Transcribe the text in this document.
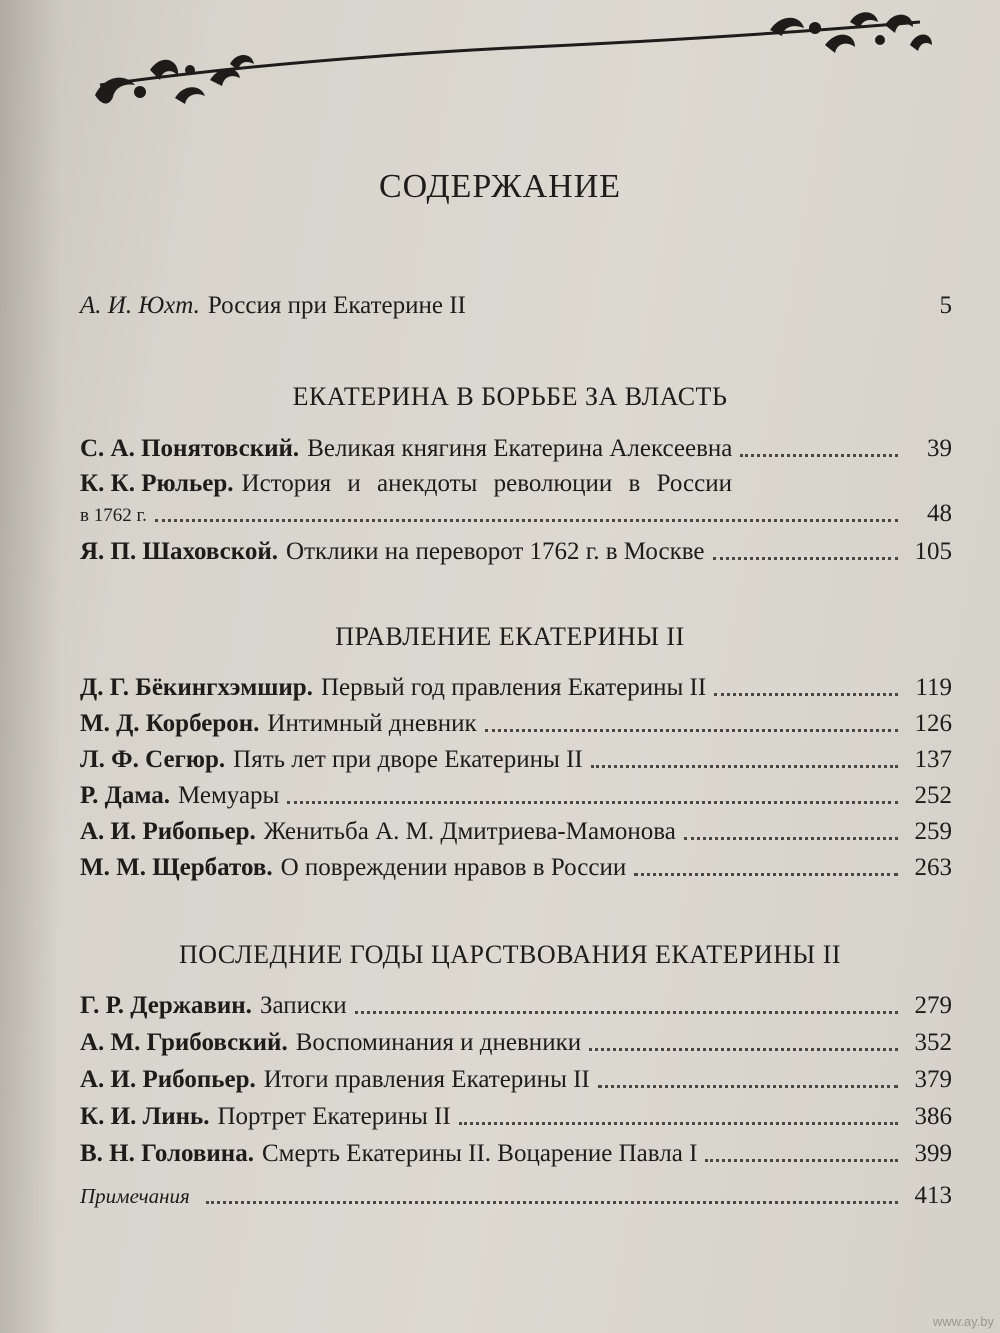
СОДЕРЖАНИЕ
А. И. Юхт. Россия при Екатерине II	5
ЕКАТЕРИНА В БОРЬБЕ ЗА ВЛАСТЬ
С. А. Понятовский. Великая княгиня Екатерина Алексеевна	39
К. К. Рюльер. История и анекдоты революции в России
в 1762 г.	48
Я. П. Шаховской. Отклики на переворот 1762 г. в Москве	105
ПРАВЛЕНИЕ ЕКАТЕРИНЫ II
Д. Г. Бёкингхэмшир. Первый год правления Екатерины II	119
М. Д. Корберон. Интимный дневник	126
Л. Ф. Сегюр. Пять лет при дворе Екатерины II	137
Р. Дама. Мемуары	252
А. И. Рибопьер. Женитьба А. М. Дмитриева-Мамонова	259
М. М. Щербатов. О повреждении нравов в России	263
ПОСЛЕДНИЕ ГОДЫ ЦАРСТВОВАНИЯ ЕКАТЕРИНЫ II
Г. Р. Державин. Записки	279
А. М. Грибовский. Воспоминания и дневники	352
А. И. Рибопьер. Итоги правления Екатерины II	379
К. И. Линь. Портрет Екатерины II	386
В. Н. Головина. Смерть Екатерины II. Воцарение Павла I	399
Примечания	413
www.ay.by
